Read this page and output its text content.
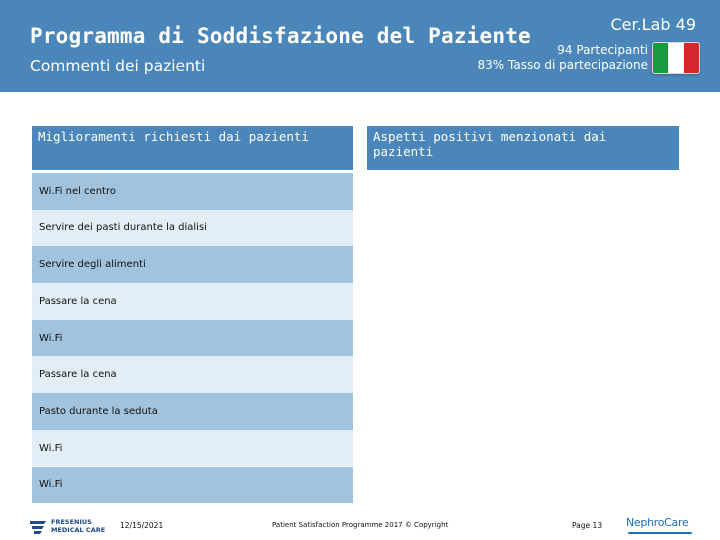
Programma di Soddisfazione del Paziente
Commenti dei pazienti
Cer.Lab 49
94 Partecipanti
83% Tasso di partecipazione
Miglioramenti richiesti dai pazienti	Aspetti positivi menzionati dai pazienti
Wi.Fi nel centro
Servire dei pasti durante la dialisi
Servire degli alimenti
Passare la cena
Wi.Fi
Passare la cena
Pasto durante la seduta
Wi.Fi
Wi.Fi
FRESENIUS
MEDICAL CARE 12/15/2021	Patient Satisfaction Programme 2017 © Copyright	Page 13 NephroCare
